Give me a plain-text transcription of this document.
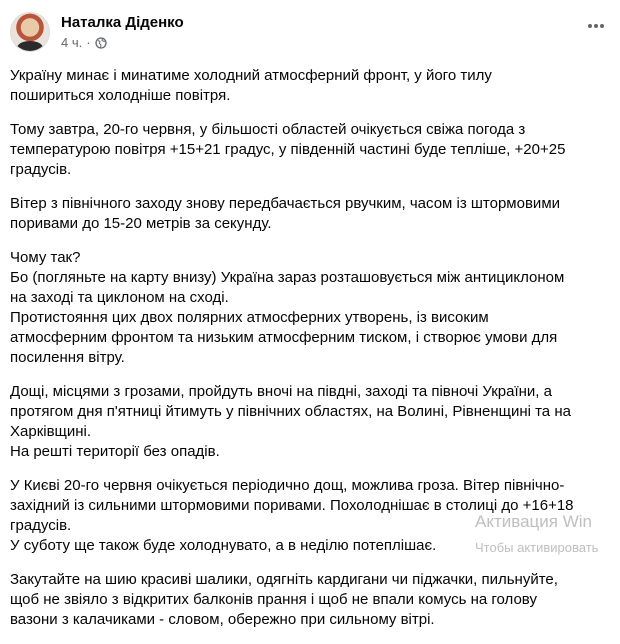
Наталка Діденко
4 ч. ·

Україну минає і минатиме холодний атмосферний фронт, у його тилу
пошириться холодніше повітря.

Тому завтра, 20-го червня, у більшості областей очікується свіжа погода з
температурою повітря +15+21 градус, у південній частині буде тепліше, +20+25
градусів.

Вітер з північного заходу знову передбачається рвучким, часом із штормовими
поривами до 15-20 метрів за секунду.

Чому так?
Бо (погляньте на карту внизу) Україна зараз розташовується між антициклоном
на заході та циклоном на сході.
Протистояння цих двох полярних атмосферних утворень, із високим
атмосферним фронтом та низьким атмосферним тиском, і створює умови для
посилення вітру.

Дощі, місцями з грозами, пройдуть вночі на півдні, заході та півночі України, а
протягом дня п'ятниці йтимуть у північних областях, на Волині, Рівненщині та на
Харківщині.
На решті території без опадів.

У Києві 20-го червня очікується періодично дощ, можлива гроза. Вітер північно-
західний із сильними штормовими поривами. Похолоднішає в столиці до +16+18
градусів.
У суботу ще також буде холоднувато, а в неділю потеплішає.

Закутайте на шию красиві шалики, одягніть кардигани чи піджачки, пильнуйте,
щоб не звіяло з відкритих балконів прання і щоб не впали комусь на голову
вазони з калачиками - словом, обережно при сильному вітрі.

Активация Win
Чтобы активировать
